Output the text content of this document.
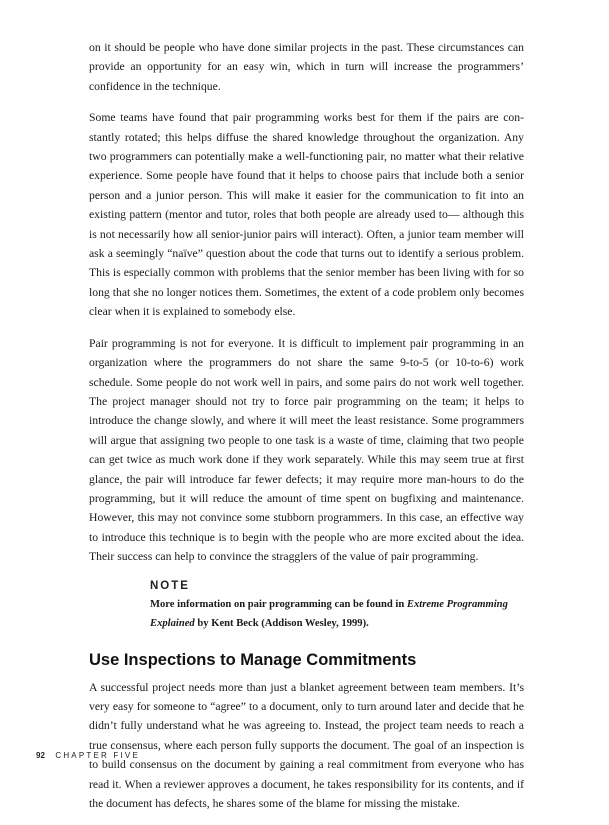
on it should be people who have done similar projects in the past. These circumstances can provide an opportunity for an easy win, which in turn will increase the programmers’ confidence in the technique.

Some teams have found that pair programming works best for them if the pairs are constantly rotated; this helps diffuse the shared knowledge throughout the organization. Any two programmers can potentially make a well-functioning pair, no matter what their relative experience. Some people have found that it helps to choose pairs that include both a senior person and a junior person. This will make it easier for the communication to fit into an existing pattern (mentor and tutor, roles that both people are already used to— although this is not necessarily how all senior-junior pairs will interact). Often, a junior team member will ask a seemingly “naïve” question about the code that turns out to identify a serious problem. This is especially common with problems that the senior member has been living with for so long that she no longer notices them. Sometimes, the extent of a code problem only becomes clear when it is explained to somebody else.

Pair programming is not for everyone. It is difficult to implement pair programming in an organization where the programmers do not share the same 9-to-5 (or 10-to-6) work schedule. Some people do not work well in pairs, and some pairs do not work well together. The project manager should not try to force pair programming on the team; it helps to introduce the change slowly, and where it will meet the least resistance. Some programmers will argue that assigning two people to one task is a waste of time, claiming that two people can get twice as much work done if they work separately. While this may seem true at first glance, the pair will introduce far fewer defects; it may require more man-hours to do the programming, but it will reduce the amount of time spent on bugfixing and maintenance. However, this may not convince some stubborn programmers. In this case, an effective way to introduce this technique is to begin with the people who are more excited about the idea. Their success can help to convince the stragglers of the value of pair programming.

NOTE

More information on pair programming can be found in Extreme Programming Explained by Kent Beck (Addison Wesley, 1999).

Use Inspections to Manage Commitments

A successful project needs more than just a blanket agreement between team members. It’s very easy for someone to “agree” to a document, only to turn around later and decide that he didn’t fully understand what he was agreeing to. Instead, the project team needs to reach a true consensus, where each person fully supports the document. The goal of an inspection is to build consensus on the document by gaining a real commitment from everyone who has read it. When a reviewer approves a document, he takes responsibility for its contents, and if the document has defects, he shares some of the blame for missing the mistake.

92 CHAPTER FIVE
